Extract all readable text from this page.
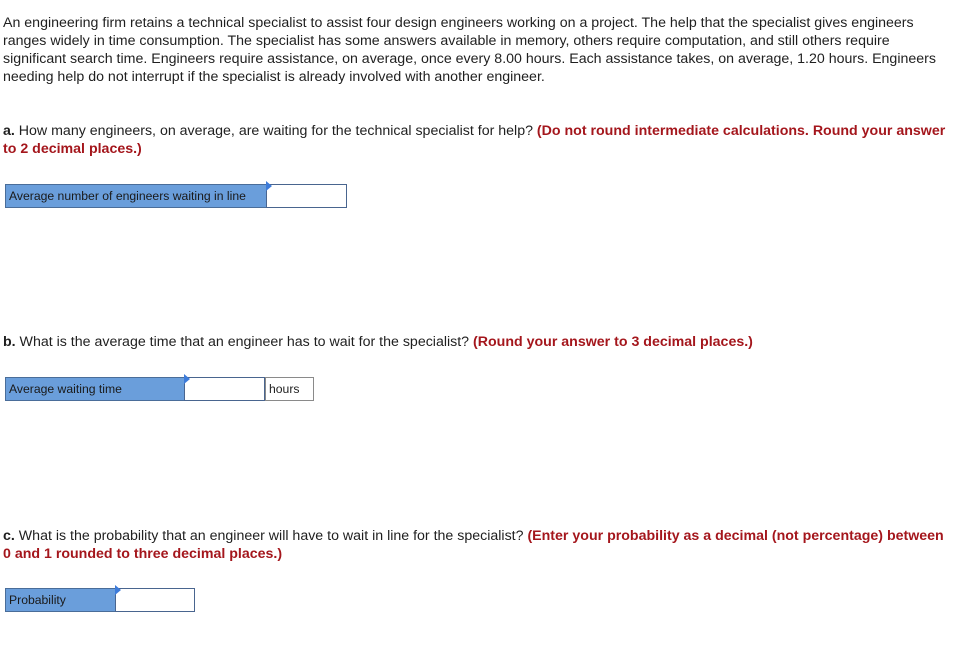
An engineering firm retains a technical specialist to assist four design engineers working on a project. The help that the specialist gives engineers ranges widely in time consumption. The specialist has some answers available in memory, others require computation, and still others require significant search time. Engineers require assistance, on average, once every 8.00 hours. Each assistance takes, on average, 1.20 hours. Engineers needing help do not interrupt if the specialist is already involved with another engineer.

a. How many engineers, on average, are waiting for the technical specialist for help? (Do not round intermediate calculations. Round your answer to 2 decimal places.)

Average number of engineers waiting in line

b. What is the average time that an engineer has to wait for the specialist? (Round your answer to 3 decimal places.)

Average waiting time	hours

c. What is the probability that an engineer will have to wait in line for the specialist? (Enter your probability as a decimal (not percentage) between 0 and 1 rounded to three decimal places.)

Probability
